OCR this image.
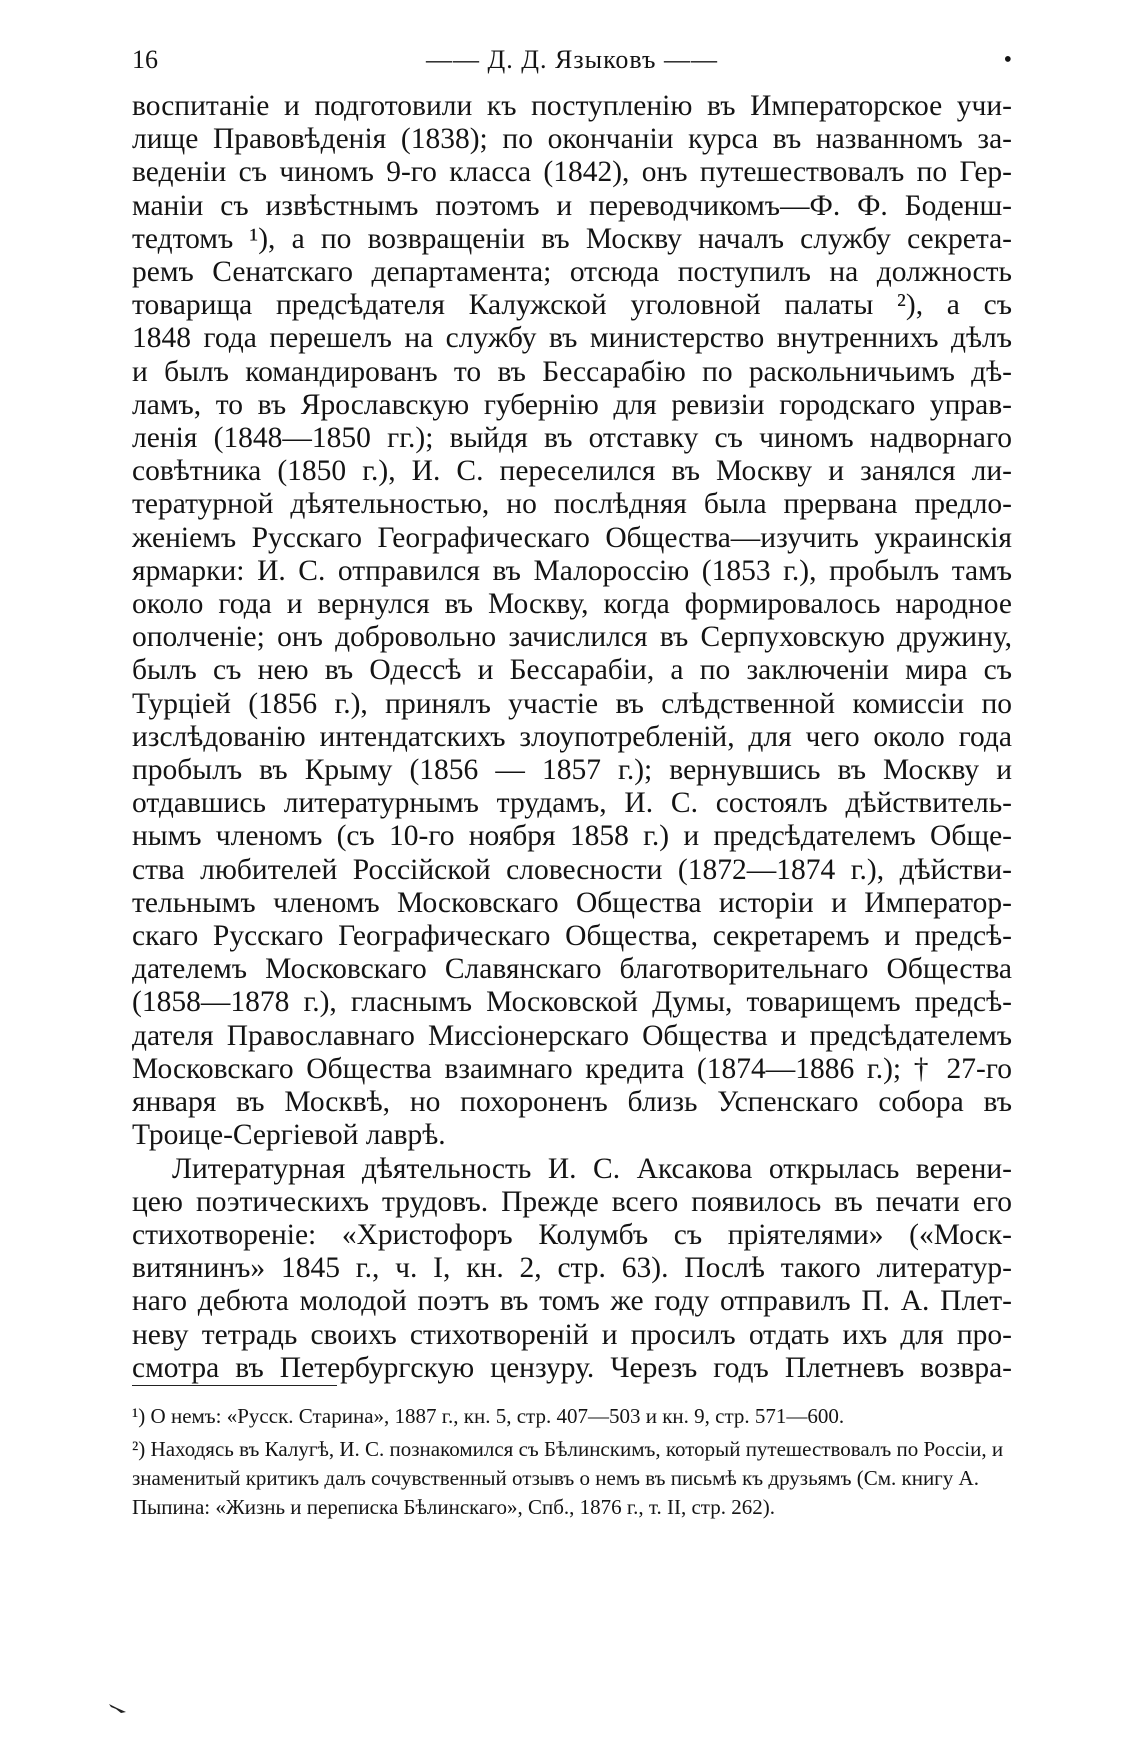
16	—— Д. Д. Языковъ ——	•

воспитаніе и подготовили къ поступленію въ Императорское учи-
лище Правовѣденія (1838); по окончаніи курса въ названномъ за-
веденіи съ чиномъ 9-го класса (1842), онъ путешествовалъ по Гер-
маніи съ извѣстнымъ поэтомъ и переводчикомъ—Ф. Ф. Боденш-
тедтомъ ¹), а по возвращеніи въ Москву началъ службу секрета-
ремъ Сенатскаго департамента; отсюда поступилъ на должность
товарища предсѣдателя Калужской уголовной палаты ²), а съ
1848 года перешелъ на службу въ министерство внутреннихъ дѣлъ
и былъ командированъ то въ Бессарабію по раскольничьимъ дѣ-
ламъ, то въ Ярославскую губернію для ревизіи городскаго управ-
ленія (1848—1850 гг.); выйдя въ отставку съ чиномъ надворнаго
совѣтника (1850 г.), И. С. переселился въ Москву и занялся ли-
тературной дѣятельностью, но послѣдняя была прервана предло-
женіемъ Русскаго Географическаго Общества—изучить украинскія
ярмарки: И. С. отправился въ Малороссію (1853 г.), пробылъ тамъ
около года и вернулся въ Москву, когда формировалось народное
ополченіе; онъ добровольно зачислился въ Серпуховскую дружину,
былъ съ нею въ Одессѣ и Бессарабіи, а по заключеніи мира съ
Турціей (1856 г.), принялъ участіе въ слѣдственной комиссіи по
изслѣдованію интендатскихъ злоупотребленій, для чего около года
пробылъ въ Крыму (1856 — 1857 г.); вернувшись въ Москву и
отдавшись литературнымъ трудамъ, И. С. состоялъ дѣйствитель-
нымъ членомъ (съ 10-го ноября 1858 г.) и предсѣдателемъ Обще-
ства любителей Россійской словесности (1872—1874 г.), дѣйстви-
тельнымъ членомъ Московскаго Общества исторіи и Император-
скаго Русскаго Географическаго Общества, секретаремъ и предсѣ-
дателемъ Московскаго Славянскаго благотворительнаго Общества
(1858—1878 г.), гласнымъ Московской Думы, товарищемъ предсѣ-
дателя Православнаго Миссіонерскаго Общества и предсѣдателемъ
Московскаго Общества взаимнаго кредита (1874—1886 г.); † 27-го
января въ Москвѣ, но похороненъ близь Успенскаго собора въ
Троице-Сергіевой лаврѣ.

Литературная дѣятельность И. С. Аксакова открылась верени-
цею поэтическихъ трудовъ. Прежде всего появилось въ печати его
стихотвореніе: «Христофоръ Колумбъ съ пріятелями» («Моск-
витянинъ» 1845 г., ч. I, кн. 2, стр. 63). Послѣ такого литератур-
наго дебюта молодой поэтъ въ томъ же году отправилъ П. А. Плет-
неву тетрадь своихъ стихотвореній и просилъ отдать ихъ для про-
смотра въ Петербургскую цензуру. Черезъ годъ Плетневъ возвра-

¹) О немъ: «Русск. Старина», 1887 г., кн. 5, стр. 407—503 и кн. 9, стр. 571—600.

²) Находясь въ Калугѣ, И. С. познакомился съ Бѣлинскимъ, который путешествовалъ по Россіи, и знаменитый критикъ далъ сочувственный отзывъ о немъ въ письмѣ къ друзьямъ (См. книгу А. Пыпина: «Жизнь и переписка Бѣлинскаго», Спб., 1876 г., т. II, стр. 262).
